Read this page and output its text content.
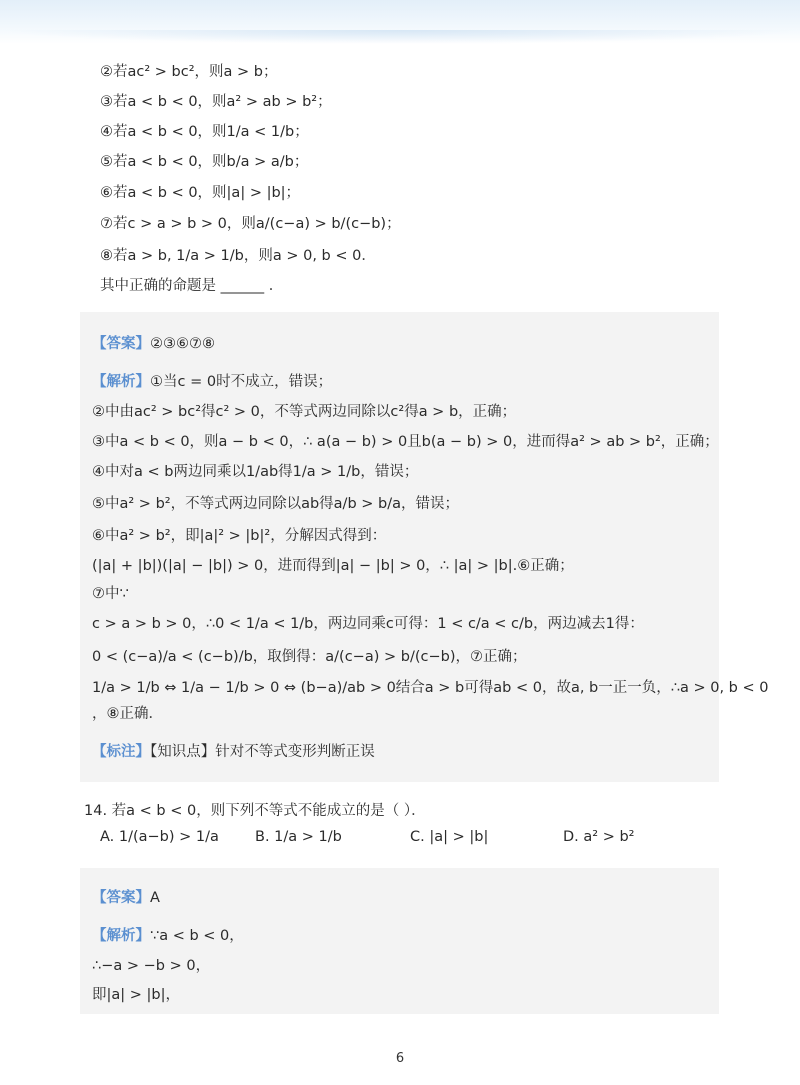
②若ac² > bc²，则a > b；
③若a < b < 0，则a² > ab > b²；
④若a < b < 0，则1/a < 1/b；
⑤若a < b < 0，则b/a > a/b；
⑥若a < b < 0，则|a| > |b|；
⑦若c > a > b > 0，则a/(c−a) > b/(c−b)；
⑧若a > b, 1/a > 1/b，则a > 0, b < 0．
其中正确的命题是 ______ ．
【答案】②③⑥⑦⑧
【解析】①当c = 0时不成立，错误；
②中由ac² > bc²得c² > 0，不等式两边同除以c²得a > b，正确；
③中a < b < 0，则a − b < 0，∴ a(a − b) > 0且b(a − b) > 0，进而得a² > ab > b²，正确；
④中对a < b两边同乘以1/ab得1/a > 1/b，错误；
⑤中a² > b²，不等式两边同除以ab得a/b > b/a，错误；
⑥中a² > b²，即|a|² > |b|²，分解因式得到：
(|a| + |b|)(|a| − |b|) > 0，进而得到|a| − |b| > 0，∴ |a| > |b|.⑥正确；
⑦中∵
c > a > b > 0，∴0 < 1/a < 1/b，两边同乘c可得：1 < c/a < c/b，两边减去1得：
0 < (c−a)/a < (c−b)/b，取倒得：a/(c−a) > b/(c−b)，⑦正确；
1/a > 1/b ⇔ 1/a − 1/b > 0 ⇔ (b−a)/ab > 0结合a > b可得ab < 0，故a, b一正一负，∴a > 0, b < 0
，⑧正确．
【标注】【知识点】针对不等式变形判断正误
14. 若a < b < 0，则下列不等式不能成立的是（ ）．
A. 1/(a−b) > 1/a B. 1/a > 1/b	C. |a| > |b|	D. a² > b²
【答案】A
【解析】∵a < b < 0，
∴−a > −b > 0，
即|a| > |b|，
6
